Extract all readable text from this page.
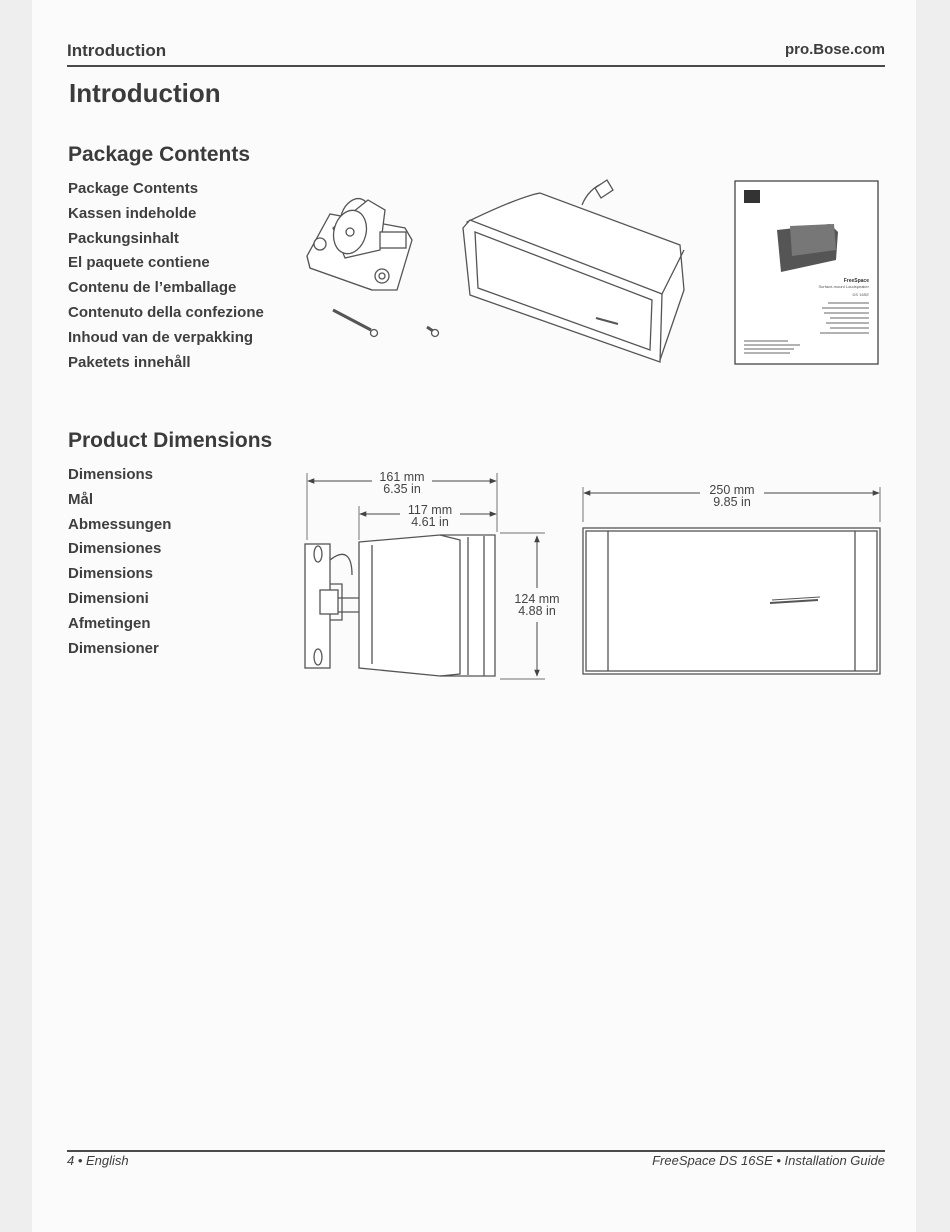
Introduction	pro.Bose.com
Introduction
Package Contents
Package Contents
Kassen indeholde
Packungsinhalt
El paquete contiene
Contenu de l’emballage
Contenuto della confezione
Inhoud van de verpakking
Paketets innehåll
FreeSpace
Surface-mount Loudspeaker
DS 16SE
Product Dimensions
Dimensions
Mål
Abmessungen
Dimensiones
Dimensions
Dimensioni
Afmetingen
Dimensioner
161 mm
6.35 in
117 mm
4.61 in
124 mm
4.88 in
250 mm
9.85 in
4 • English	FreeSpace DS 16SE • Installation Guide
